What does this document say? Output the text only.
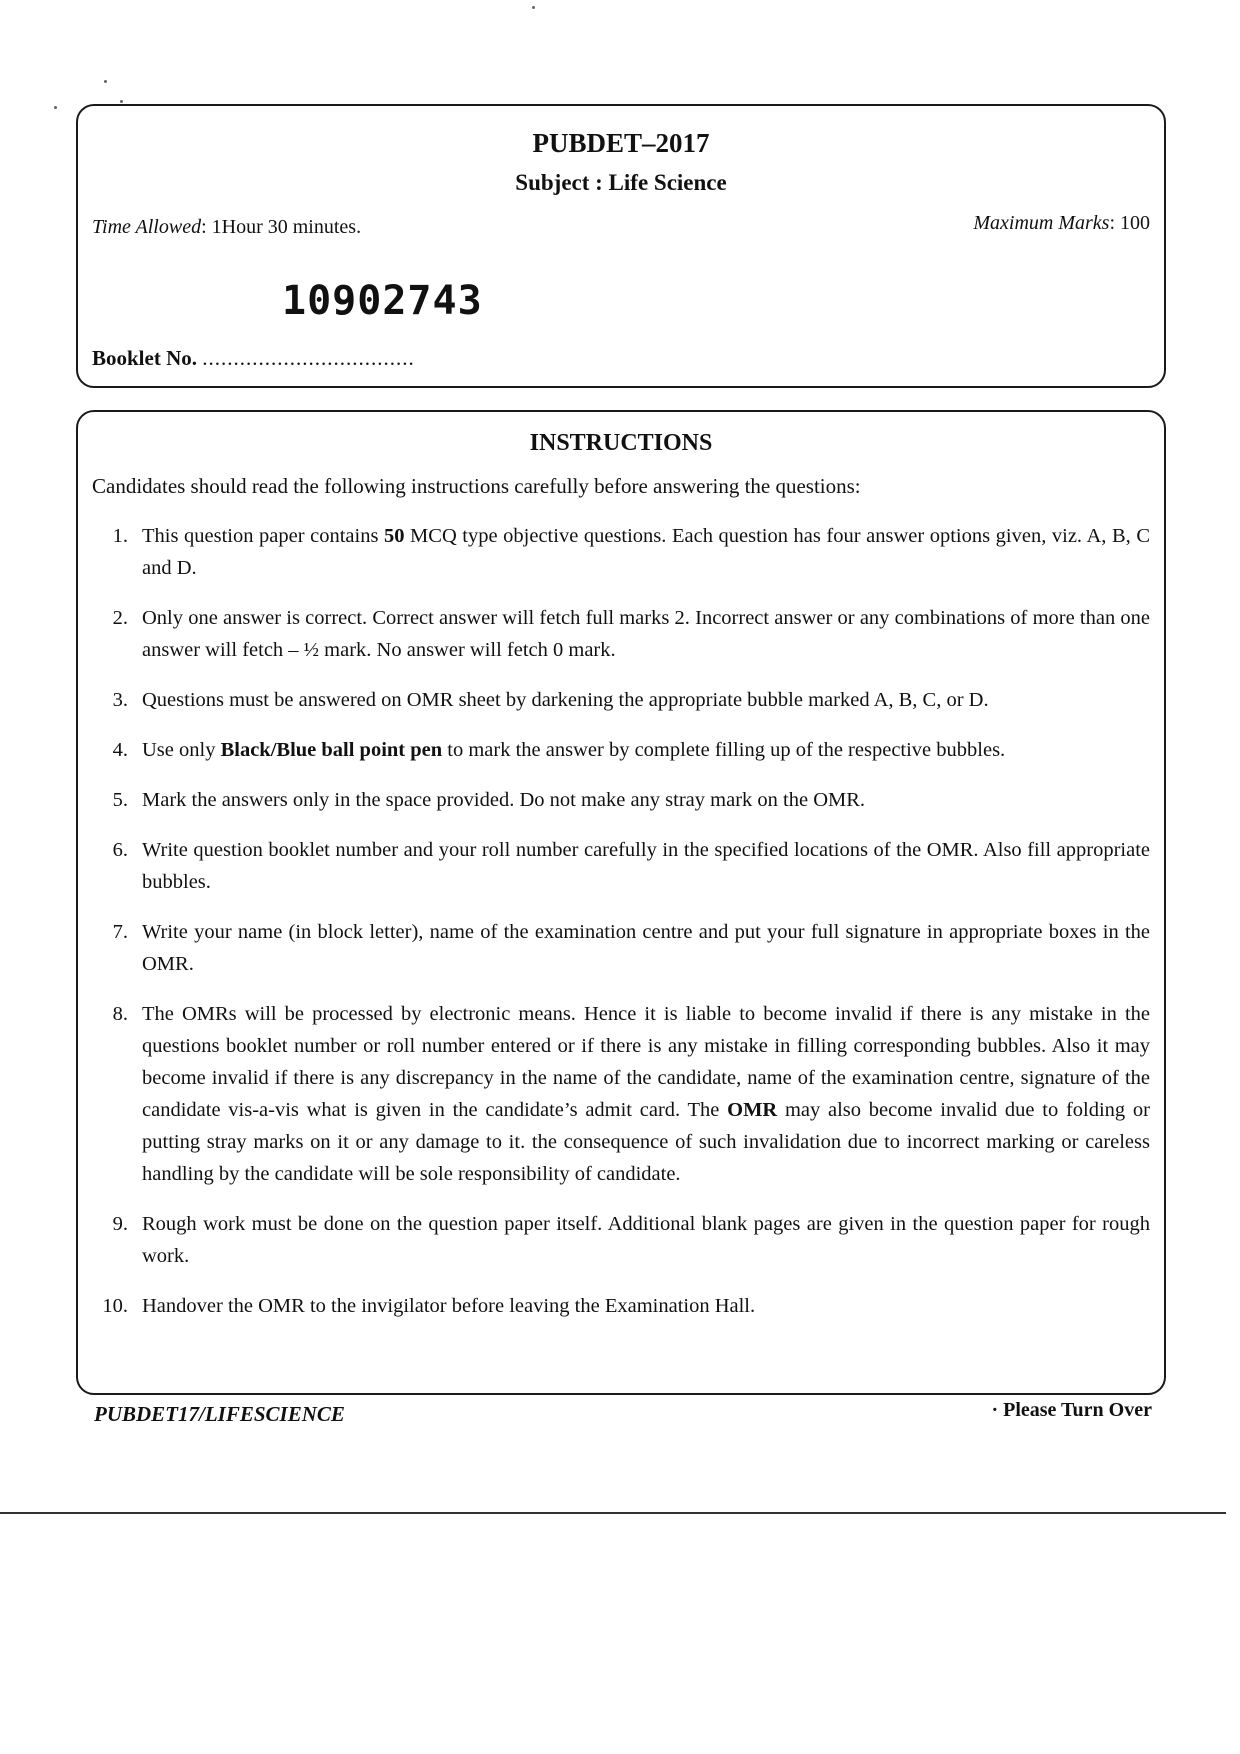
PUBDET–2017
Subject : Life Science
Time Allowed: 1Hour 30 minutes.	Maximum Marks: 100
10902743
Booklet No. ..................................
INSTRUCTIONS
Candidates should read the following instructions carefully before answering the questions:
1. This question paper contains 50 MCQ type objective questions. Each question has four answer options given, viz. A, B, C and D.
2. Only one answer is correct. Correct answer will fetch full marks 2. Incorrect answer or any combinations of more than one answer will fetch – ½ mark. No answer will fetch 0 mark.
3. Questions must be answered on OMR sheet by darkening the appropriate bubble marked A, B, C, or D.
4. Use only Black/Blue ball point pen to mark the answer by complete filling up of the respective bubbles.
5. Mark the answers only in the space provided. Do not make any stray mark on the OMR.
6. Write question booklet number and your roll number carefully in the specified locations of the OMR. Also fill appropriate bubbles.
7. Write your name (in block letter), name of the examination centre and put your full signature in appropriate boxes in the OMR.
8. The OMRs will be processed by electronic means. Hence it is liable to become invalid if there is any mistake in the questions booklet number or roll number entered or if there is any mistake in filling corresponding bubbles. Also it may become invalid if there is any discrepancy in the name of the candidate, name of the examination centre, signature of the candidate vis-a-vis what is given in the candidate’s admit card. The OMR may also become invalid due to folding or putting stray marks on it or any damage to it. the consequence of such invalidation due to incorrect marking or careless handling by the candidate will be sole responsibility of candidate.
9. Rough work must be done on the question paper itself. Additional blank pages are given in the question paper for rough work.
10. Handover the OMR to the invigilator before leaving the Examination Hall.
PUBDET17/LIFESCIENCE	· Please Turn Over
